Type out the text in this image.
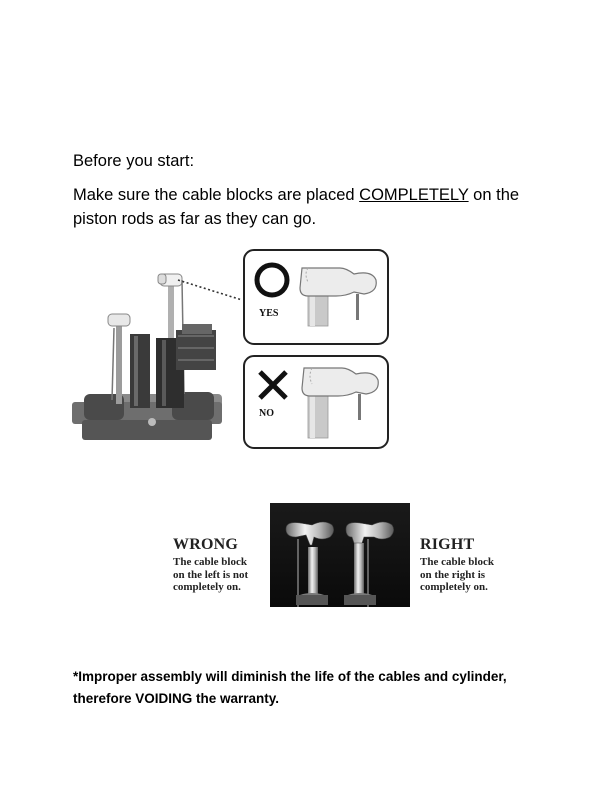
Before you start:

Make sure the cable blocks are placed COMPLETELY on the piston rods as far as they can go.

YES
NO
WRONG
The cable block on the left is not completely on.
RIGHT
The cable block on the right is completely on.

*Improper assembly will diminish the life of the cables and cylinder, therefore VOIDING the warranty.
